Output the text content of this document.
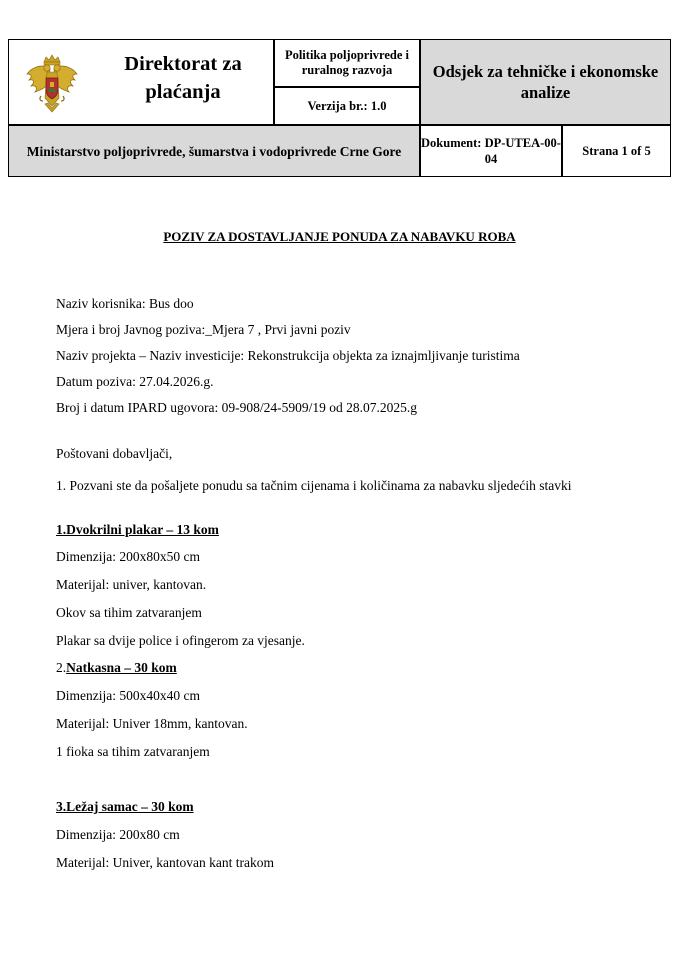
Direktorat za plaćanja
Politika poljoprivrede i ruralnog razvoja
Verzija br.: 1.0
Odsjek za tehničke i ekonomske analize
Ministarstvo poljoprivrede, šumarstva i vodoprivrede Crne Gore
Dokument: DP-UTEA-00-04
Strana 1 of 5
POZIV ZA DOSTAVLJANJE PONUDA ZA NABAVKU ROBA
Naziv korisnika: Bus doo
Mjera i broj Javnog poziva:_Mjera 7 , Prvi javni poziv
Naziv projekta – Naziv investicije: Rekonstrukcija objekta za iznajmljivanje turistima
Datum poziva: 27.04.2026.g.
Broj i datum IPARD ugovora: 09-908/24-5909/19 od 28.07.2025.g
Poštovani dobavljači,
1. Pozvani ste da pošaljete ponudu sa tačnim cijenama i količinama za nabavku sljedećih stavki
1.Dvokrilni plakar – 13 kom
Dimenzija: 200x80x50 cm
Materijal: univer, kantovan.
Okov sa tihim zatvaranjem
Plakar sa dvije police i ofingerom za vjesanje.
2.Natkasna – 30 kom
Dimenzija: 500x40x40 cm
Materijal: Univer 18mm, kantovan.
1 fioka sa tihim zatvaranjem
3.Ležaj samac – 30 kom
Dimenzija: 200x80 cm
Materijal: Univer, kantovan kant trakom
